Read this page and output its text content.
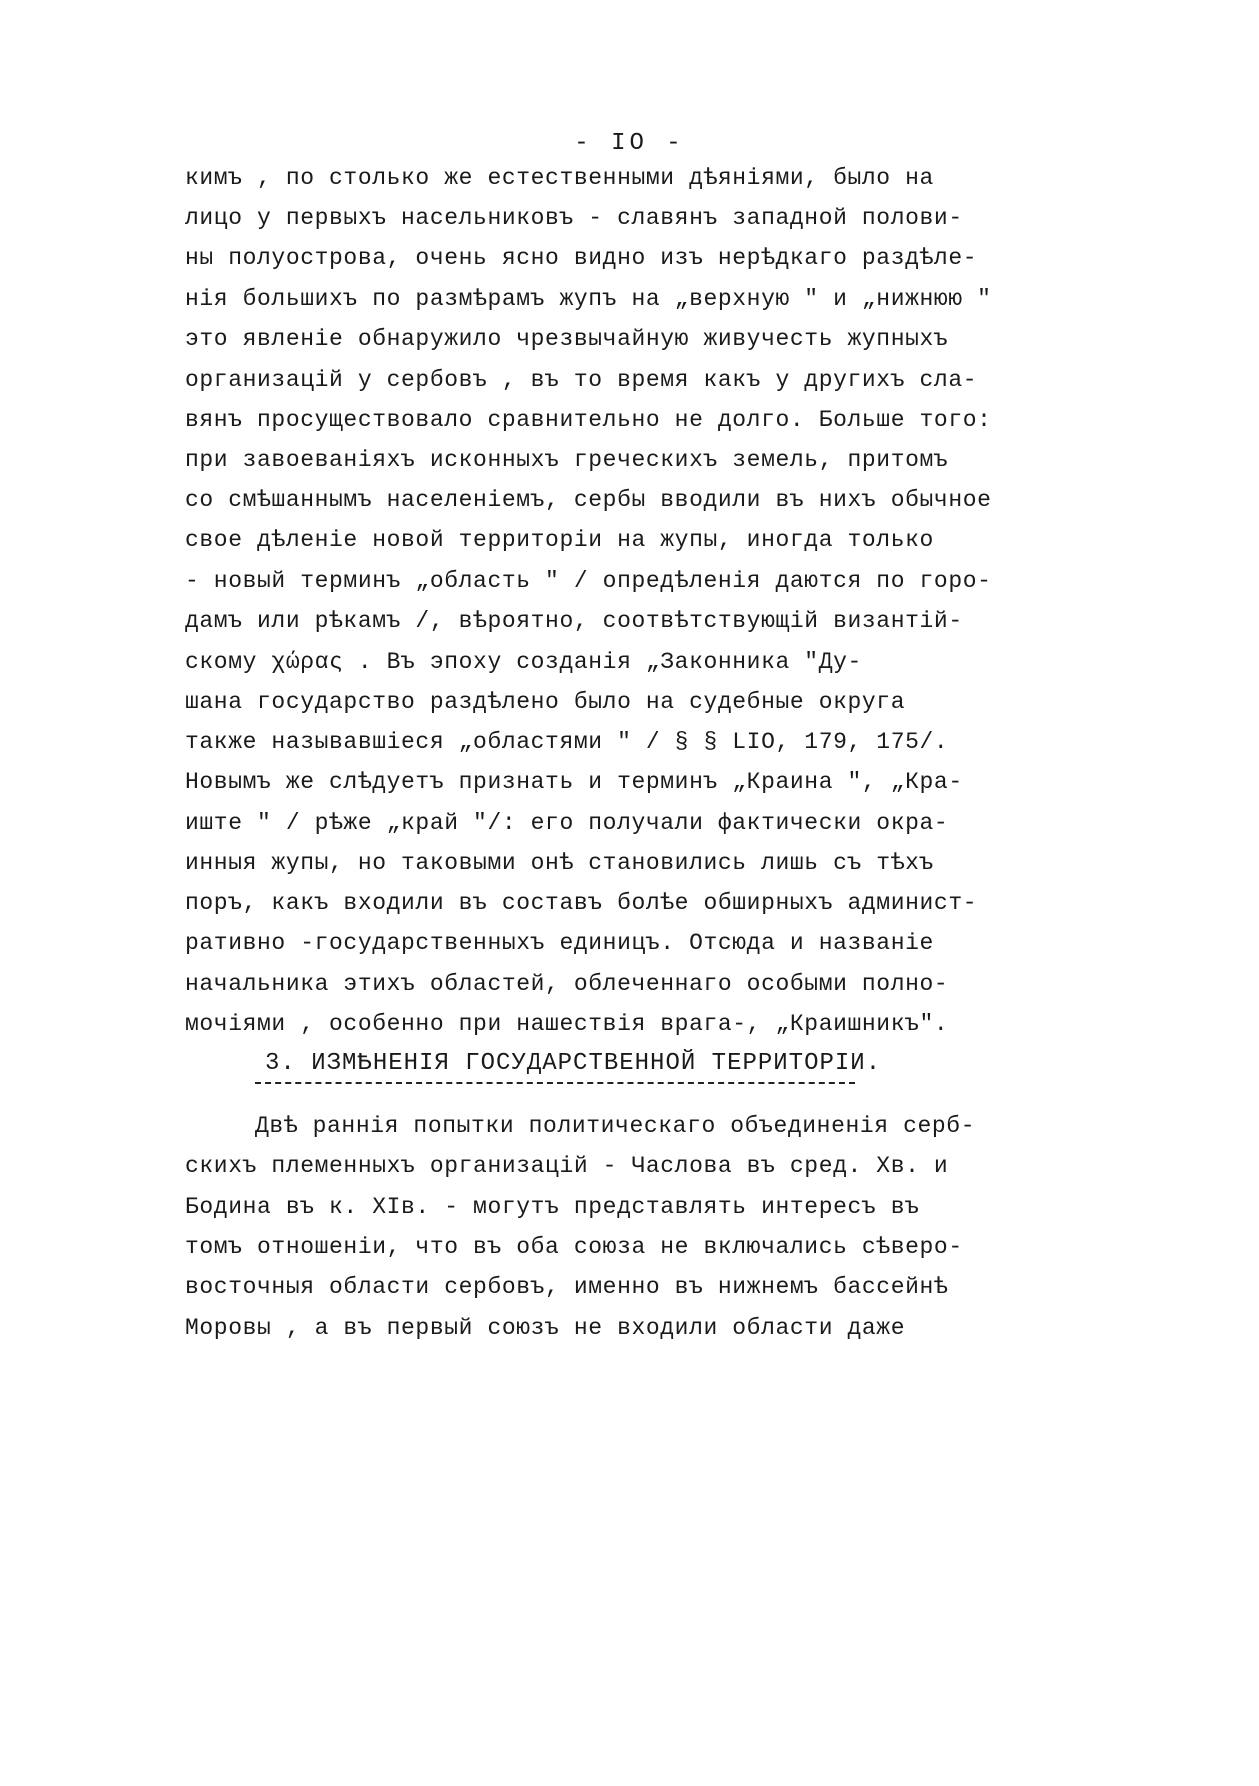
- IO -
кимъ , по столько же естественными дѣяніями, было на
лицо у первыхъ насельниковъ - славянъ западной полови-
ны полуострова, очень ясно видно изъ нерѣдкаго раздѣле-
нія большихъ по размѣрамъ жупъ на „верхную " и „нижнюю "
это явленіе обнаружило чрезвычайную живучесть жупныхъ
организацій у сербовъ , въ то время какъ у другихъ сла-
вянъ просуществовало сравнительно не долго. Больше того:
при завоеваніяхъ исконныхъ греческихъ земель, притомъ
со смѣшаннымъ населеніемъ, сербы вводили въ нихъ обычное
свое дѣленіе новой территоріи на жупы, иногда только
- новый терминъ „область " / опредѣленія даются по горо-
дамъ или рѣкамъ /, вѣроятно, соотвѣтствующій византій-
скому χώρας . Въ эпоху созданія „Законника "Ду-
шана государство раздѣлено было на судебные округа
также называвшіеся „областями " / § § LIO, 179, 175/.
Новымъ же слѣдуетъ признать и терминъ „Краина ", „Кра-
иште " / рѣже „край "/: его получали фактически окра-
инныя жупы, но таковыми онѣ становились лишь съ тѣхъ
поръ, какъ входили въ составъ болѣе обширныхъ админист-
ративно -государственныхъ единицъ. Отсюда и названіе
начальника этихъ областей, облеченнаго особыми полно-
мочіями , особенно при нашествія врага-, „Краишникъ".
3. ИЗМѢНЕНІЯ ГОСУДАРСТВЕННОЙ ТЕРРИТОРІИ.
Двѣ раннія попытки политическаго объединенія серб-
скихъ племенныхъ организацій - Часлова въ сред. Хв. и
Бодина въ к. XIв. - могутъ представлять интересъ въ
томъ отношеніи, что въ оба союза не включались сѣверо-
восточныя области сербовъ, именно въ нижнемъ бассейнѣ
Моровы , а въ первый союзъ не входили области даже
